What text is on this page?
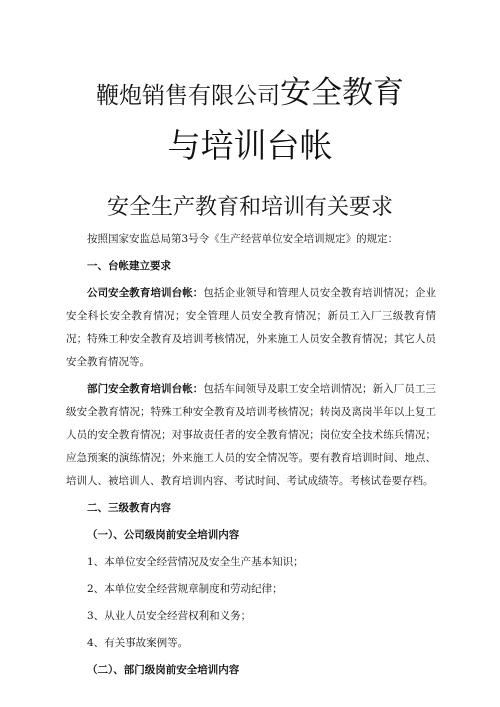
鞭炮销售有限公司安全教育
与培训台帐
安全生产教育和培训有关要求

按照国家安监总局第3号令《生产经营单位安全培训规定》的规定：

一、台帐建立要求

公司安全教育培训台帐：包括企业领导和管理人员安全教育培训情况；企业安全科长安全教育情况；安全管理人员安全教育情况；新员工入厂三级教育情况；特殊工种安全教育及培训考核情况，外来施工人员安全教育情况；其它人员安全教育情况等。

部门安全教育培训台帐：包括车间领导及职工安全培训情况；新入厂员工三级安全教育情况；特殊工种安全教育及培训考核情况；转岗及离岗半年以上复工人员的安全教育情况；对事故责任者的安全教育情况；岗位安全技术练兵情况；应急预案的演练情况；外来施工人员的安全情况等。要有教育培训时间、地点、培训人、被培训人、教育培训内容、考试时间、考试成绩等。考核试卷要存档。

二、三级教育内容

（一）、公司级岗前安全培训内容

1、本单位安全经营情况及安全生产基本知识；

2、本单位安全经营规章制度和劳动纪律；

3、从业人员安全经营权利和义务；

4、有关事故案例等。

（二）、部门级岗前安全培训内容
